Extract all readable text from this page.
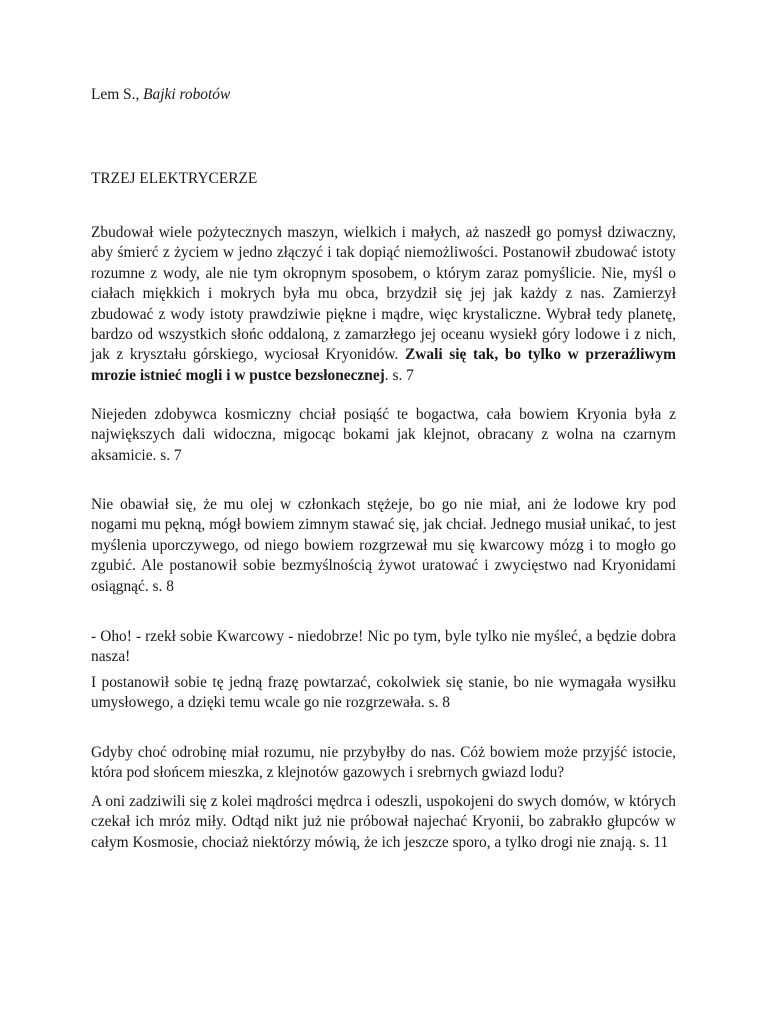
Lem S., Bajki robotów

TRZEJ ELEKTRYCERZE

Zbudował wiele pożytecznych maszyn, wielkich i małych, aż naszedł go pomysł dziwaczny, aby śmierć z życiem w jedno złączyć i tak dopiąć niemożliwości. Postanowił zbudować istoty rozumne z wody, ale nie tym okropnym sposobem, o którym zaraz pomyślicie. Nie, myśl o ciałach miękkich i mokrych była mu obca, brzydził się jej jak każdy z nas. Zamierzył zbudować z wody istoty prawdziwie piękne i mądre, więc krystaliczne. Wybrał tedy planetę, bardzo od wszystkich słońc oddaloną, z zamarzłego jej oceanu wysiekł góry lodowe i z nich, jak z kryształu górskiego, wyciosał Kryonidów. Zwali się tak, bo tylko w przeraźliwym mrozie istnieć mogli i w pustce bezsłonecznej. s. 7

Niejeden zdobywca kosmiczny chciał posiąść te bogactwa, cała bowiem Kryonia była z największych dali widoczna, migocąc bokami jak klejnot, obracany z wolna na czarnym aksamicie. s. 7

Nie obawiał się, że mu olej w członkach stężeje, bo go nie miał, ani że lodowe kry pod nogami mu pękną, mógł bowiem zimnym stawać się, jak chciał. Jednego musiał unikać, to jest myślenia uporczywego, od niego bowiem rozgrzewał mu się kwarcowy mózg i to mogło go zgubić. Ale postanowił sobie bezmyślnością żywot uratować i zwycięstwo nad Kryonidami osiągnąć. s. 8

- Oho! - rzekł sobie Kwarcowy - niedobrze! Nic po tym, byle tylko nie myśleć, a będzie dobra nasza!

I postanowił sobie tę jedną frazę powtarzać, cokolwiek się stanie, bo nie wymagała wysiłku umysłowego, a dzięki temu wcale go nie rozgrzewała. s. 8

Gdyby choć odrobinę miał rozumu, nie przybyłby do nas. Cóż bowiem może przyjść istocie, która pod słońcem mieszka, z klejnotów gazowych i srebrnych gwiazd lodu?

A oni zadziwili się z kolei mądrości mędrca i odeszli, uspokojeni do swych domów, w których czekał ich mróz miły. Odtąd nikt już nie próbował najechać Kryonii, bo zabrakło głupców w całym Kosmosie, chociaż niektórzy mówią, że ich jeszcze sporo, a tylko drogi nie znają. s. 11
